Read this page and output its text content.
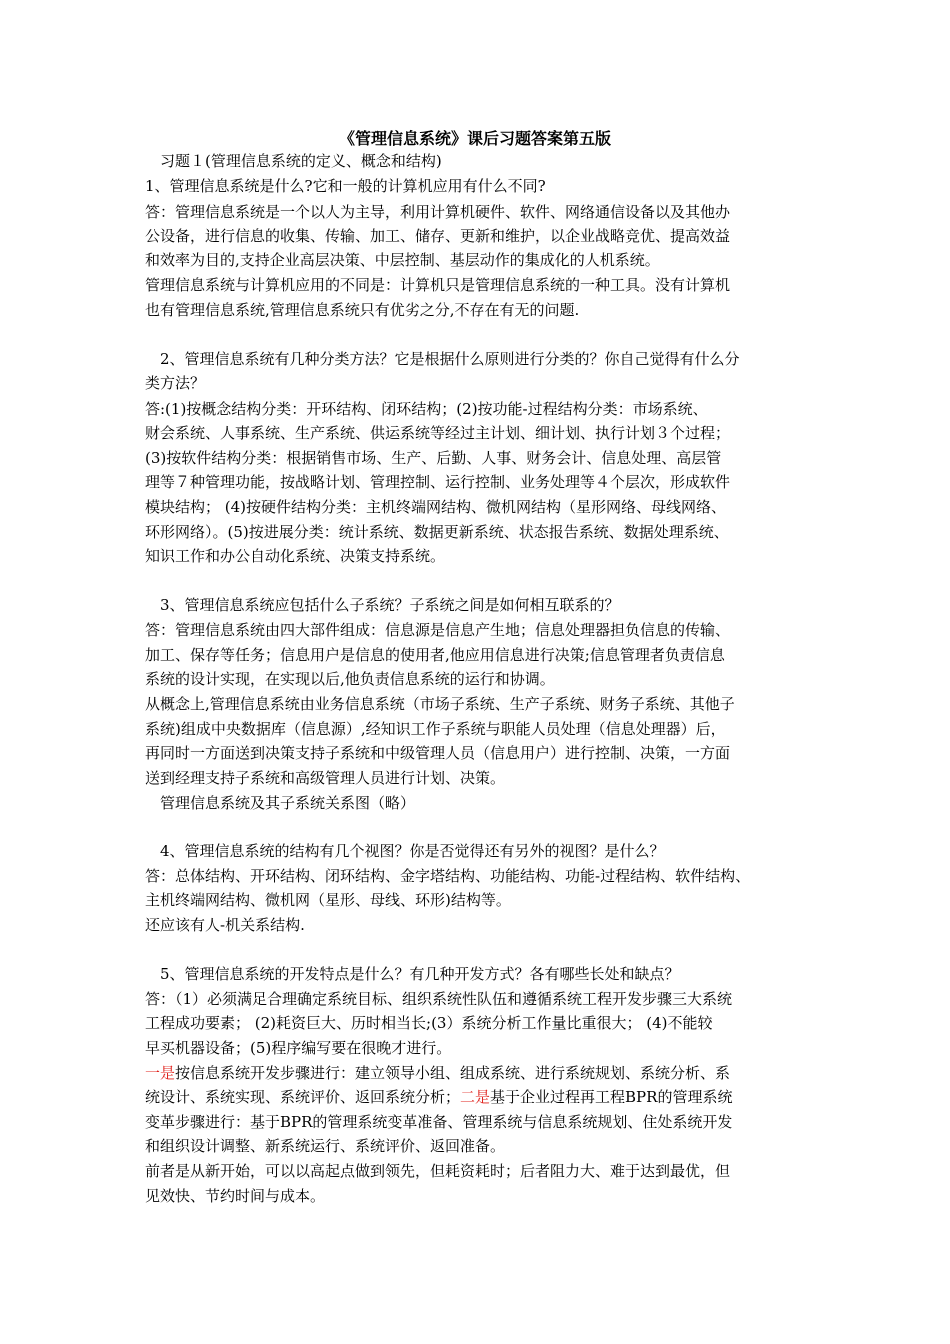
《管理信息系统》课后习题答案第五版
习题１(管理信息系统的定义、概念和结构)
1、管理信息系统是什么?它和一般的计算机应用有什么不同?
答：管理信息系统是一个以人为主导，利用计算机硬件、软件、网络通信设备以及其他办
公设备，进行信息的收集、传输、加工、储存、更新和维护，以企业战略竞优、提高效益
和效率为目的,支持企业高层决策、中层控制、基层动作的集成化的人机系统。
管理信息系统与计算机应用的不同是：计算机只是管理信息系统的一种工具。没有计算机
也有管理信息系统,管理信息系统只有优劣之分,不存在有无的问题.
2、管理信息系统有几种分类方法？它是根据什么原则进行分类的？你自己觉得有什么分
类方法？
答:(1)按概念结构分类：开环结构、闭环结构；(2)按功能-过程结构分类：市场系统、
财会系统、人事系统、生产系统、供运系统等经过主计划、细计划、执行计划３个过程；
(3)按软件结构分类：根据销售市场、生产、后勤、人事、财务会计、信息处理、高层管
理等７种管理功能，按战略计划、管理控制、运行控制、业务处理等４个层次，形成软件
模块结构； (4)按硬件结构分类：主机终端网结构、微机网结构（星形网络、母线网络、
环形网络）。(5)按进展分类：统计系统、数据更新系统、状态报告系统、数据处理系统、
知识工作和办公自动化系统、决策支持系统。
3、管理信息系统应包括什么子系统？子系统之间是如何相互联系的？
答：管理信息系统由四大部件组成：信息源是信息产生地；信息处理器担负信息的传输、
加工、保存等任务；信息用户是信息的使用者,他应用信息进行决策;信息管理者负责信息
系统的设计实现，在实现以后,他负责信息系统的运行和协调。
从概念上,管理信息系统由业务信息系统（市场子系统、生产子系统、财务子系统、其他子
系统)组成中央数据库（信息源）,经知识工作子系统与职能人员处理（信息处理器）后，
再同时一方面送到决策支持子系统和中级管理人员（信息用户）进行控制、决策，一方面
送到经理支持子系统和高级管理人员进行计划、决策。
管理信息系统及其子系统关系图（略）
4、管理信息系统的结构有几个视图？你是否觉得还有另外的视图？是什么？
答：总体结构、开环结构、闭环结构、金字塔结构、功能结构、功能-过程结构、软件结构、
主机终端网结构、微机网（星形、母线、环形)结构等。
还应该有人-机关系结构.
5、管理信息系统的开发特点是什么？有几种开发方式？各有哪些长处和缺点？
答：（1）必须满足合理确定系统目标、组织系统性队伍和遵循系统工程开发步骤三大系统
工程成功要素； (2)耗资巨大、历时相当长;(3）系统分析工作量比重很大； (4)不能较
早买机器设备；(5)程序编写要在很晚才进行。
一是按信息系统开发步骤进行：建立领导小组、组成系统、进行系统规划、系统分析、系
统设计、系统实现、系统评价、返回系统分析；二是基于企业过程再工程BPR的管理系统
变革步骤进行：基于BPR的管理系统变革准备、管理系统与信息系统规划、住处系统开发
和组织设计调整、新系统运行、系统评价、返回准备。
前者是从新开始，可以以高起点做到领先，但耗资耗时；后者阻力大、难于达到最优，但
见效快、节约时间与成本。
